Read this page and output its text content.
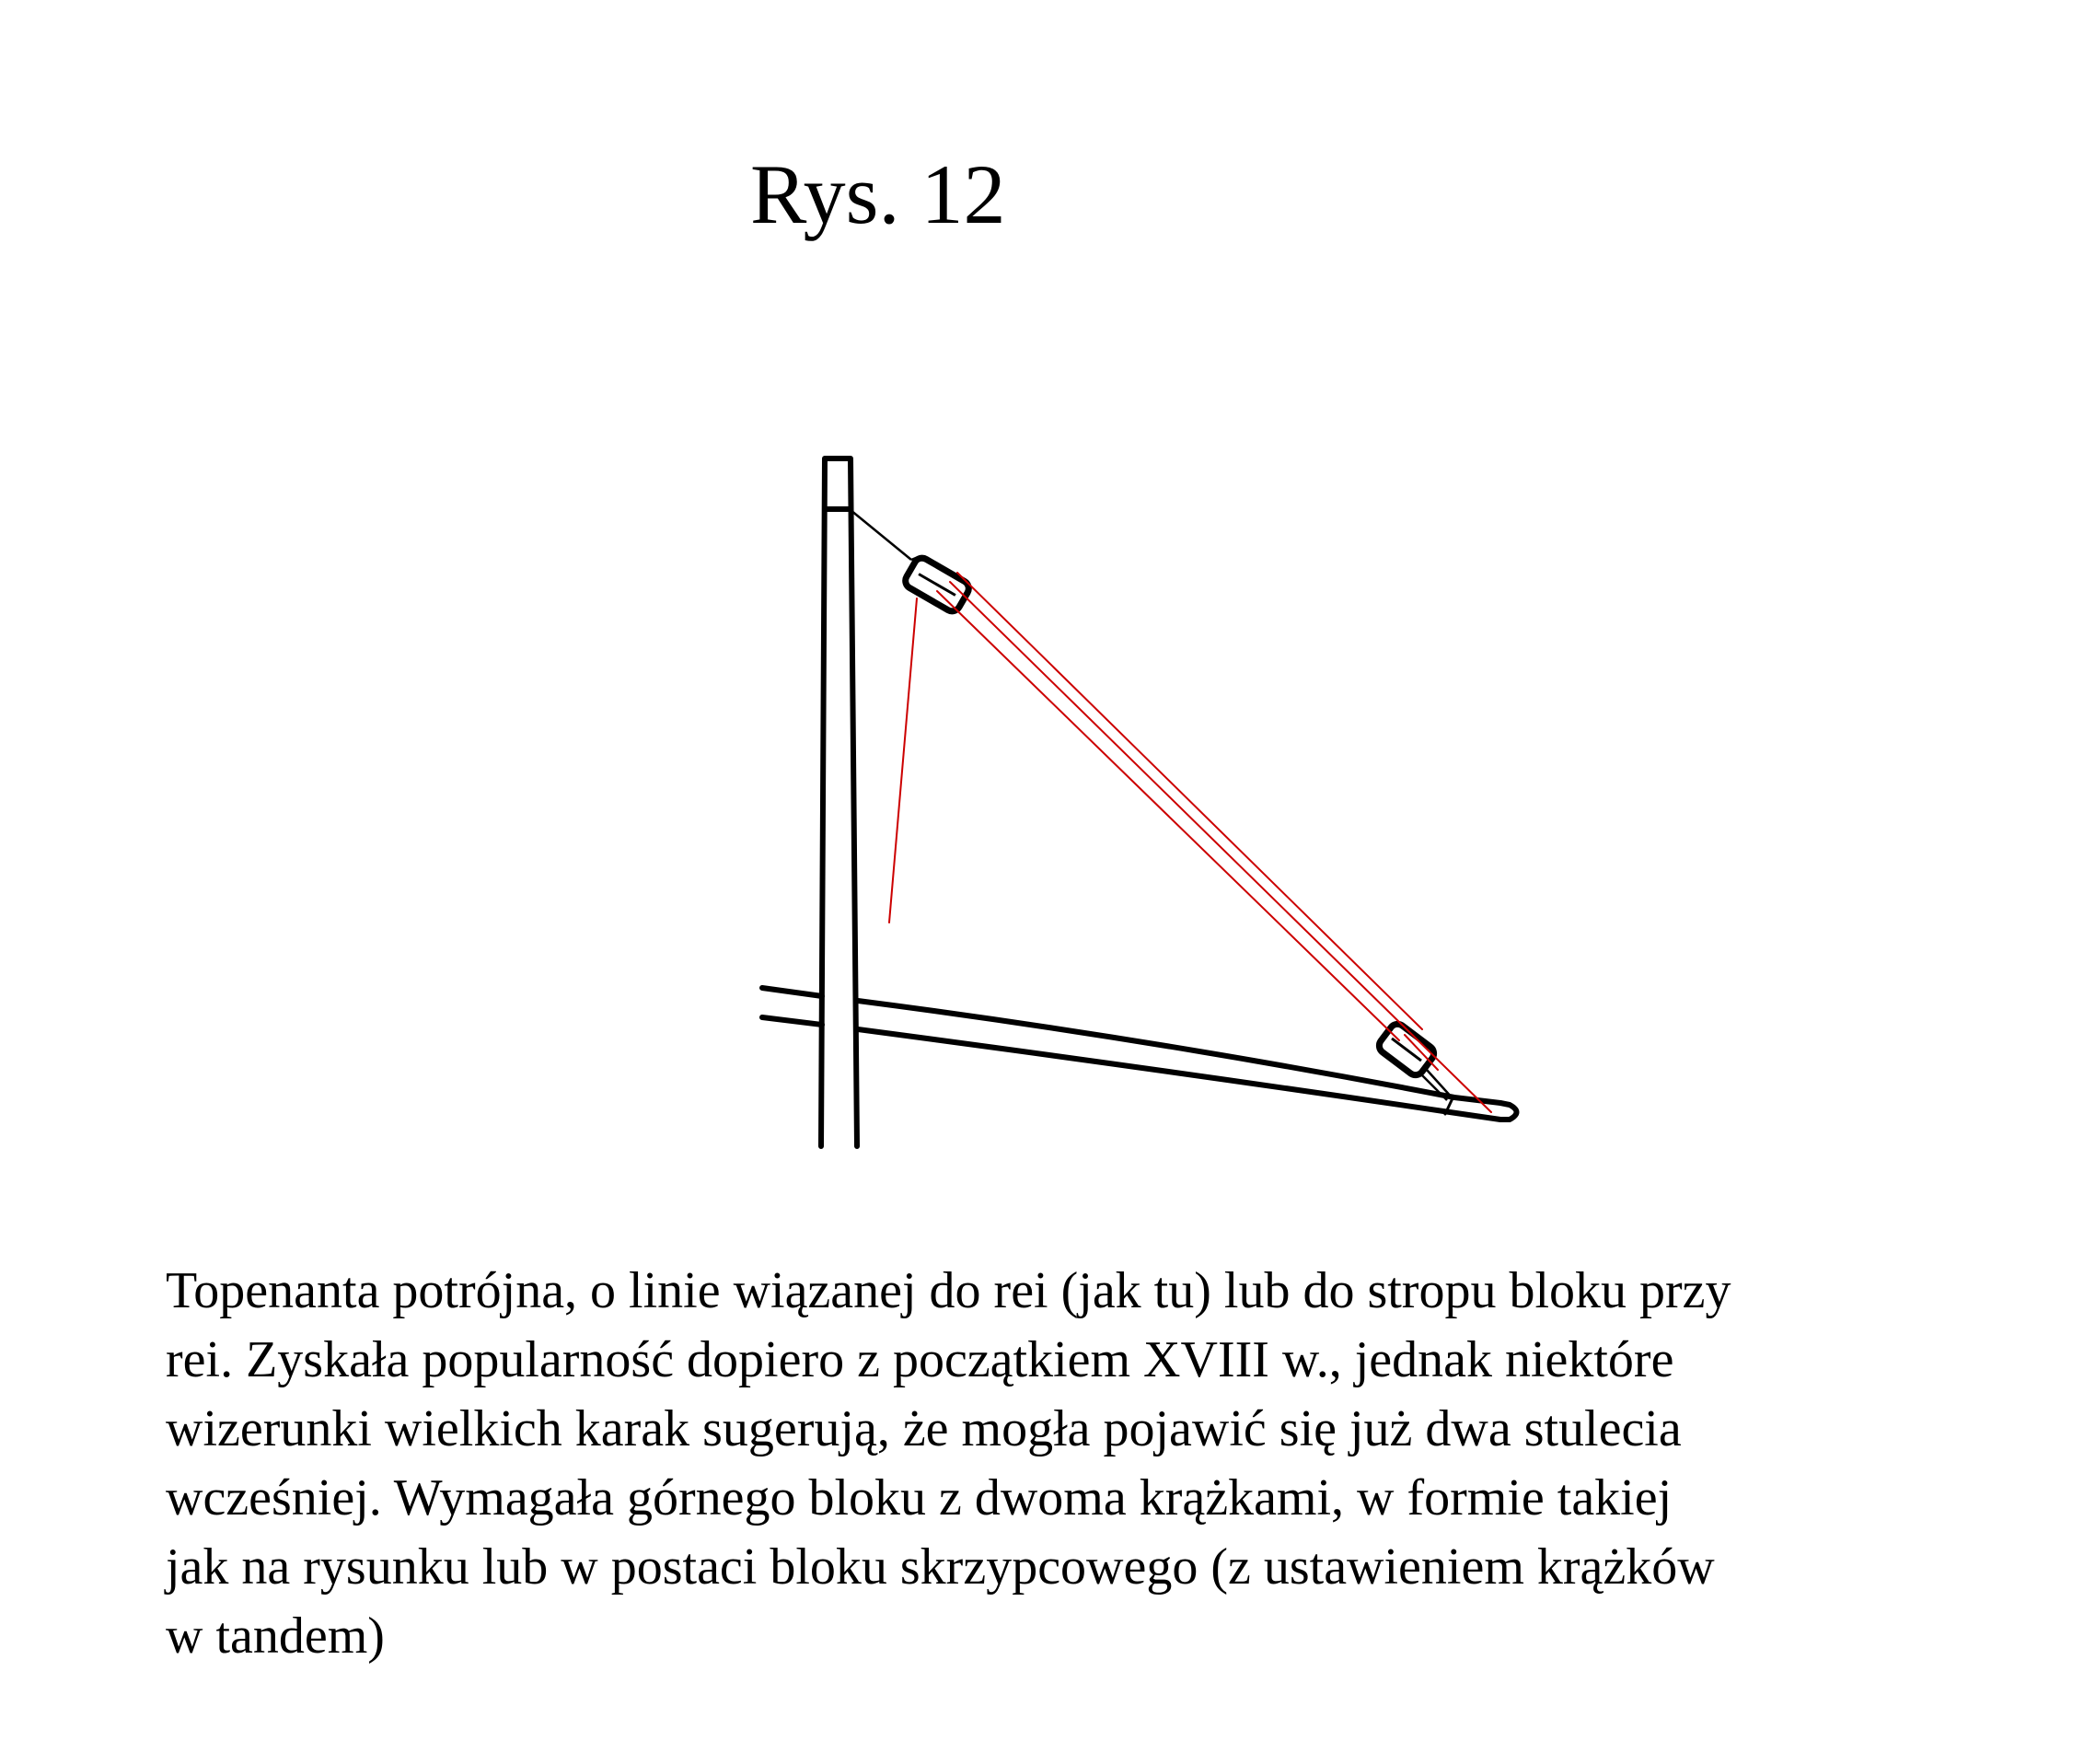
Rys. 12

Topenanta potrójna, o linie wiązanej do rei (jak tu) lub do stropu bloku przy
rei. Zyskała popularność dopiero z początkiem XVIII w., jednak niektóre
wizerunki wielkich karak sugerują, że mogła pojawić się już dwa stulecia
wcześniej. Wymagała górnego bloku z dwoma krążkami, w formie takiej
jak na rysunku lub w postaci bloku skrzypcowego (z ustawieniem krążków
w tandem)
